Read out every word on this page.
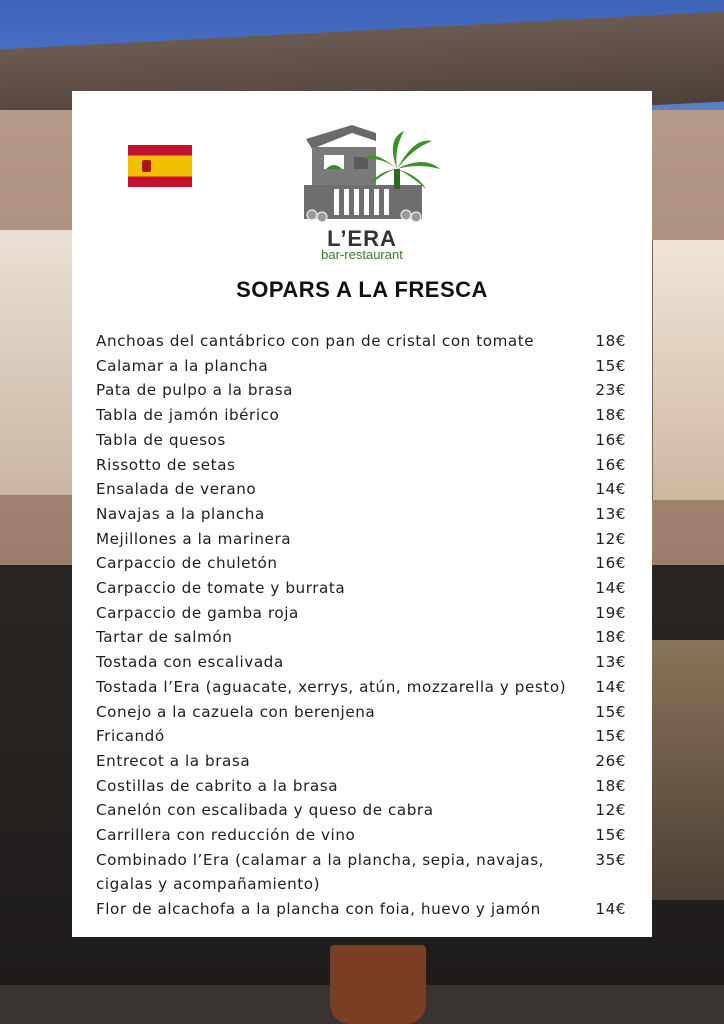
L’ERA
bar-restaurant
SOPARS A LA FRESCA
Anchoas del cantábrico con pan de cristal con tomate	18€
Calamar a la plancha	15€
Pata de pulpo a la brasa	23€
Tabla de jamón ibérico	18€
Tabla de quesos	16€
Rissotto de setas	16€
Ensalada de verano	14€
Navajas a la plancha	13€
Mejillones a la marinera	12€
Carpaccio de chuletón	16€
Carpaccio de tomate y burrata	14€
Carpaccio de gamba roja	19€
Tartar de salmón	18€
Tostada con escalivada	13€
Tostada l’Era (aguacate, xerrys, atún, mozzarella y pesto)	14€
Conejo a la cazuela con berenjena	15€
Fricandó	15€
Entrecot a la brasa	26€
Costillas de cabrito a la brasa	18€
Canelón con escalibada y queso de cabra	12€
Carrillera con reducción de vino	15€
Combinado l’Era (calamar a la plancha, sepia, navajas, cigalas y acompañamiento)
35€
Flor de alcachofa a la plancha con foia, huevo y jamón	14€
